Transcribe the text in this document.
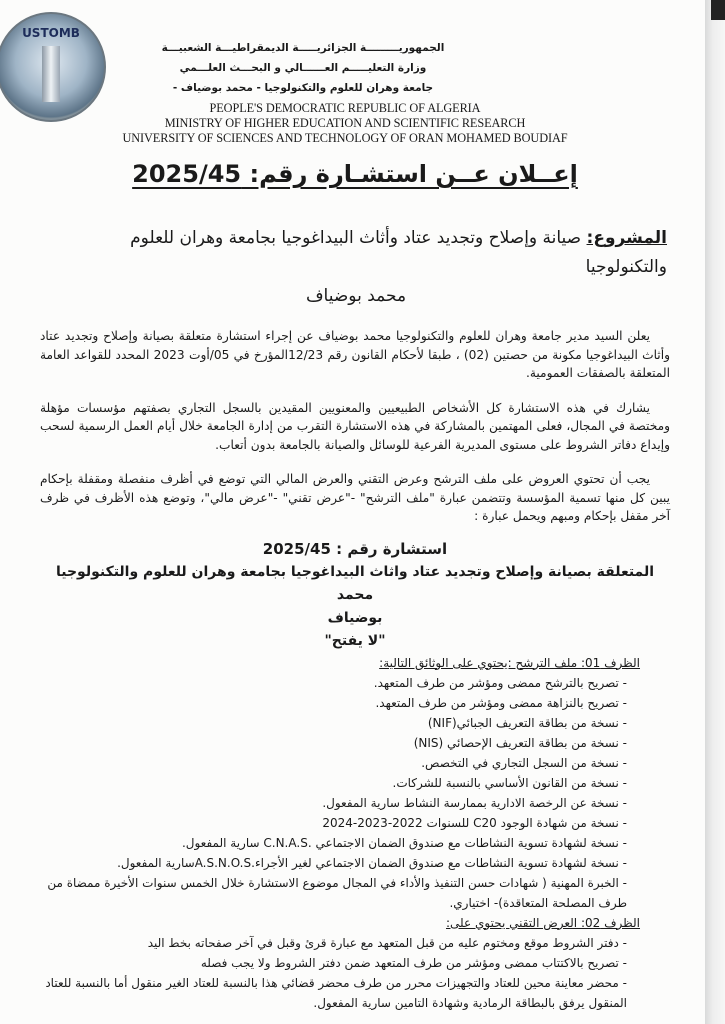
USTOMB
الجمهوريـــــــــة الجزائريـــــة الديمقراطيـــة الشعبيـــة
وزارة التعليـــــم العــــــالي و البحـــث العلـــمي
جامعة وهران للعلوم والتكنولوجيا - محمد بوضياف -
PEOPLE'S DEMOCRATIC REPUBLIC OF ALGERIA
MINISTRY OF HIGHER EDUCATION AND SCIENTIFIC RESEARCH
UNIVERSITY OF SCIENCES AND TECHNOLOGY OF ORAN MOHAMED BOUDIAF
إعــلان عــن استشـارة رقم: 2025/45
المشروع: صيانة وإصلاح وتجديد عتاد وأثاث البيداغوجيا بجامعة وهران للعلوم والتكنولوجيا
محمد بوضياف
يعلن السيد مدير جامعة وهران للعلوم والتكنولوجيا محمد بوضياف عن إجراء استشارة متعلقة بصيانة وإصلاح وتجديد عتاد وأثاث البيداغوجيا مكونة من حصتين (02) ، طبقا لأحكام القانون رقم 12/23المؤرخ في 05/أوت 2023 المحدد للقواعد العامة المتعلقة بالصفقات العمومية.
يشارك في هذه الاستشارة كل الأشخاص الطبيعيين والمعنويين المقيدين بالسجل التجاري بصفتهم مؤسسات مؤهلة ومختصة في المجال، فعلى المهتمين بالمشاركة في هذه الاستشارة التقرب من إدارة الجامعة خلال أيام العمل الرسمية لسحب وإيداع دفاتر الشروط على مستوى المديرية الفرعية للوسائل والصيانة بالجامعة بدون أتعاب.
يجب أن تحتوي العروض على ملف الترشح وعرض التقني والعرض المالي التي توضع في أظرف منفصلة ومقفلة بإحكام يبين كل منها تسمية المؤسسة وتتضمن عبارة "ملف الترشح" -"عرض تقني" -"عرض مالي"، وتوضع هذه الأظرف في ظرف آخر مقفل بإحكام ومبهم ويحمل عبارة :
استشارة رقم : 2025/45
المتعلقة بصيانة وإصلاح وتجديد عتاد واثاث البيداغوجيا بجامعة وهران للعلوم والتكنولوجيا محمد
بوضياف
"لا يفتح"
الظرف 01: ملف الترشح :يحتوي على الوثائق التالية:
- تصريح بالترشح ممضى ومؤشر من طرف المتعهد.
- تصريح بالنزاهة ممضى ومؤشر من طرف المتعهد.
- نسخة من بطاقة التعريف الجبائي(NIF)
- نسخة من بطاقة التعريف الإحصائي (NIS)
- نسخة من السجل التجاري في التخصص.
- نسخة من القانون الأساسي بالنسبة للشركات.
- نسخة عن الرخصة الادارية بممارسة النشاط سارية المفعول.
- نسخة من شهادة الوجود C20 للسنوات 2022-2023-2024
- نسخة لشهادة تسوية النشاطات مع صندوق الضمان الاجتماعي .C.N.A.S سارية المفعول.
- نسخة لشهادة تسوية النشاطات مع صندوق الضمان الاجتماعي لغير الأجراء.A.S.N.O.Sسارية المفعول.
- الخبرة المهنية ( شهادات حسن التنفيذ والأداء في المجال موضوع الاستشارة خلال الخمس سنوات الأخيرة ممضاة من طرف المصلحة المتعاقدة)- اختياري.
الظرف 02: العرض التقني يحتوي على:
- دفتر الشروط موقع ومختوم عليه من قبل المتعهد مع عبارة قرئ وقبل في آخر صفحاته بخط اليد
- تصريح بالاكتتاب ممضى ومؤشر من طرف المتعهد ضمن دفتر الشروط ولا يجب فصله
- محضر معاينة محين للعتاد والتجهيزات محرر من طرف محضر قضائي هذا بالنسبة للعتاد الغير منقول أما بالنسبة للعتاد المنقول يرفق بالبطاقة الرمادية وشهادة التامين سارية المفعول.
